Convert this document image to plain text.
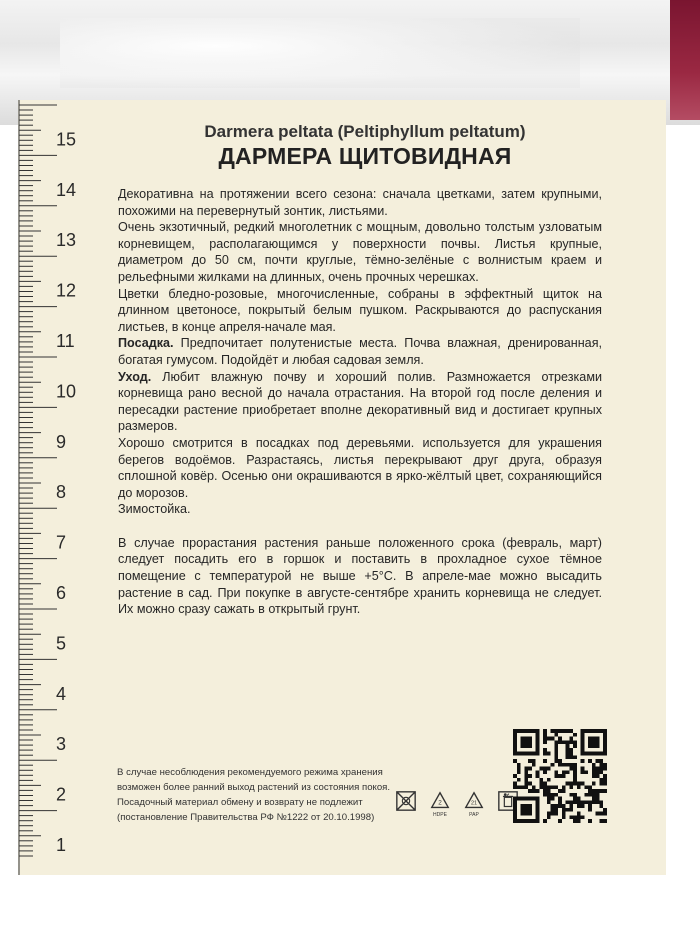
15
14
13
12
11
10
9
8
7
6
5
4
3
2
1
Darmera peltata (Peltiphyllum peltatum)
ДАРМЕРА ЩИТОВИДНАЯ

Декоративна на протяжении всего сезона: сначала цветками, затем крупными, похожими на перевернутый зонтик, листьями.

Очень экзотичный, редкий многолетник с мощным, довольно толстым узловатым корневищем, располагающимся у поверхности почвы. Листья крупные, диаметром до 50 см, почти круглые, тёмно-зелёные с волнистым краем и рельефными жилками на длинных, очень прочных черешках.

Цветки бледно-розовые, многочисленные, собраны в эффектный щиток на длинном цветоносе, покрытый белым пушком. Раскрываются до распускания листьев, в конце апреля-начале мая.

Посадка. Предпочитает полутенистые места. Почва влажная, дренированная, богатая гумусом. Подойдёт и любая садовая земля.

Уход. Любит влажную почву и хороший полив. Размножается отрезками корневища рано весной до начала отрастания. На второй год после деления и пересадки растение приобретает вполне декоративный вид и достигает крупных размеров.

Хорошо смотрится в посадках под деревьями. используется для украшения берегов водоёмов. Разрастаясь, листья перекрывают друг друга, образуя сплошной ковёр. Осенью они окрашиваются в ярко-жёлтый цвет, сохраняющийся до морозов.

Зимостойка.

В случае прорастания растения раньше положенного срока (февраль, март) следует посадить его в горшок и поставить в прохладное сухое тёмное помещение с температурой не выше +5°С. В апреле-мае можно высадить растение в сад. При покупке в августе-сентябре хранить корневища не следует. Их можно сразу сажать в открытый грунт.

В случае несоблюдения рекомендуемого режима хранения

возможен более ранний выход растений из состояния покоя.

Посадочный материал обмену и возврату не подлежит

(постановление Правительства РФ №1222 от 20.10.1998)

2
HDPE
21
PAP
